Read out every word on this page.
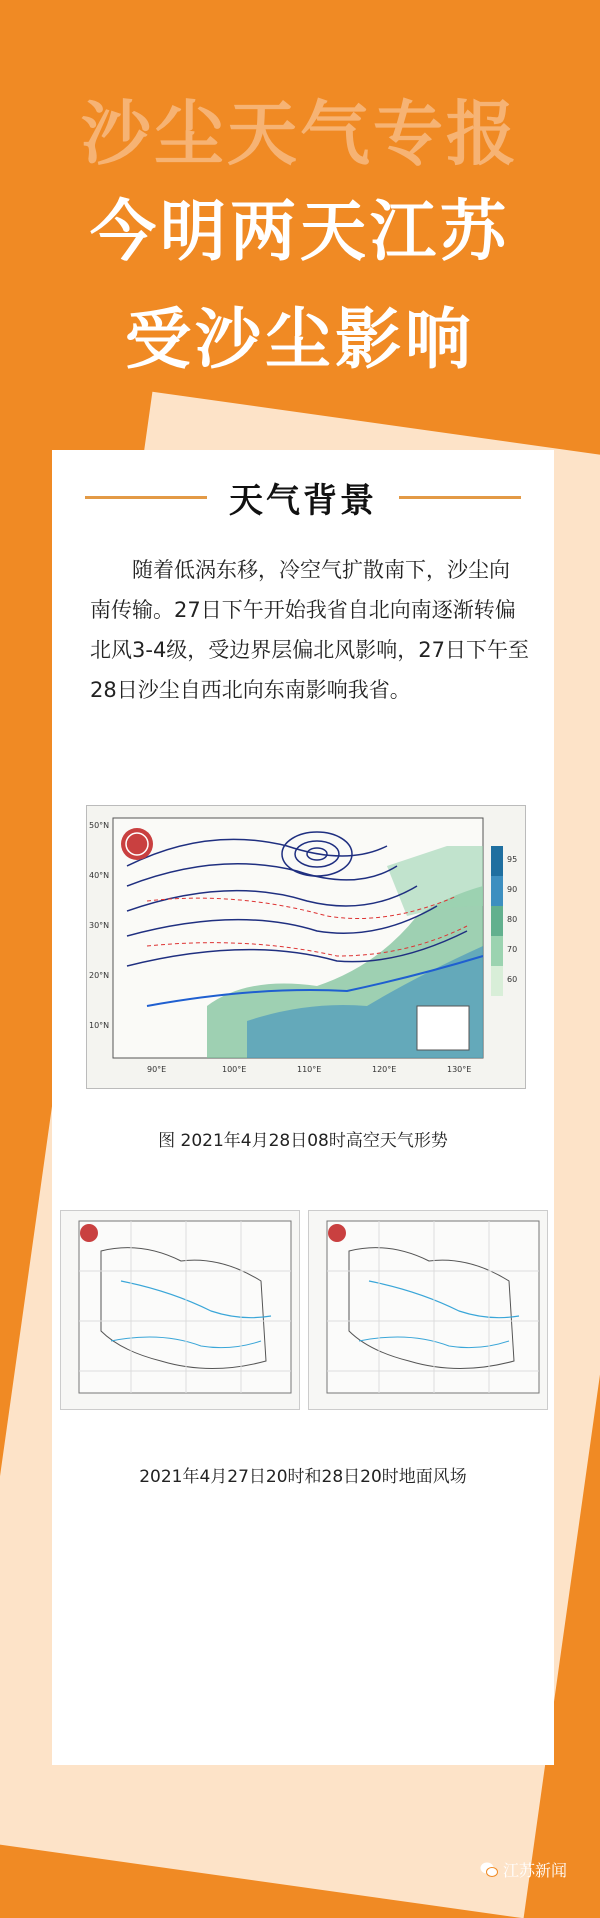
沙尘天气专报
今明两天江苏
受沙尘影响
天气背景

随着低涡东移，冷空气扩散南下，沙尘向南传输。27日下午开始我省自北向南逐渐转偏北风3-4级，受边界层偏北风影响，27日下午至28日沙尘自西北向东南影响我省。

95
90
80
70
60
50°N
40°N
30°N
20°N
10°N
90°E	100°E	110°E	120°E	130°E
图 2021年4月28日08时高空天气形势
2021年4月27日20时和28日20时地面风场
江苏新闻
